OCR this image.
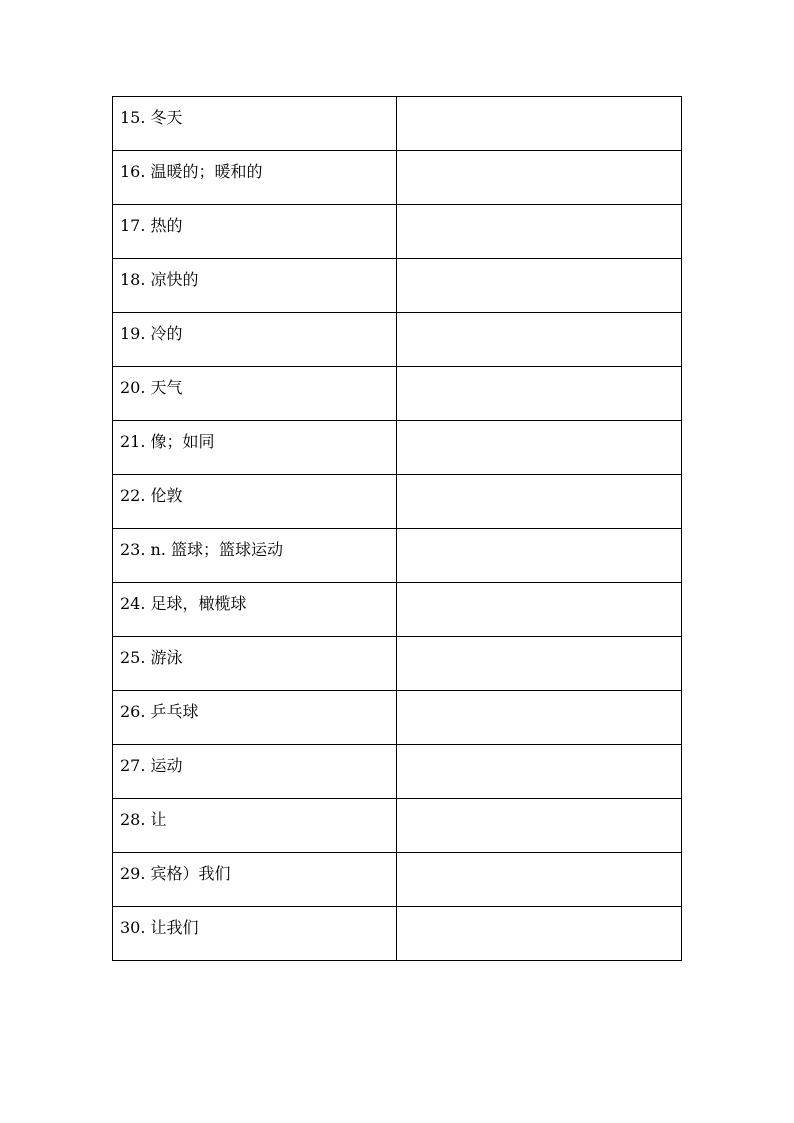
15. 冬天	
16. 温暖的；暖和的	
17. 热的	
18. 凉快的	
19. 冷的	
20. 天气	
21. 像；如同	
22. 伦敦	
23. n. 篮球；篮球运动	
24. 足球，橄榄球	
25. 游泳	
26. 乒乓球	
27. 运动	
28. 让	
29. 宾格）我们	
30. 让我们	
